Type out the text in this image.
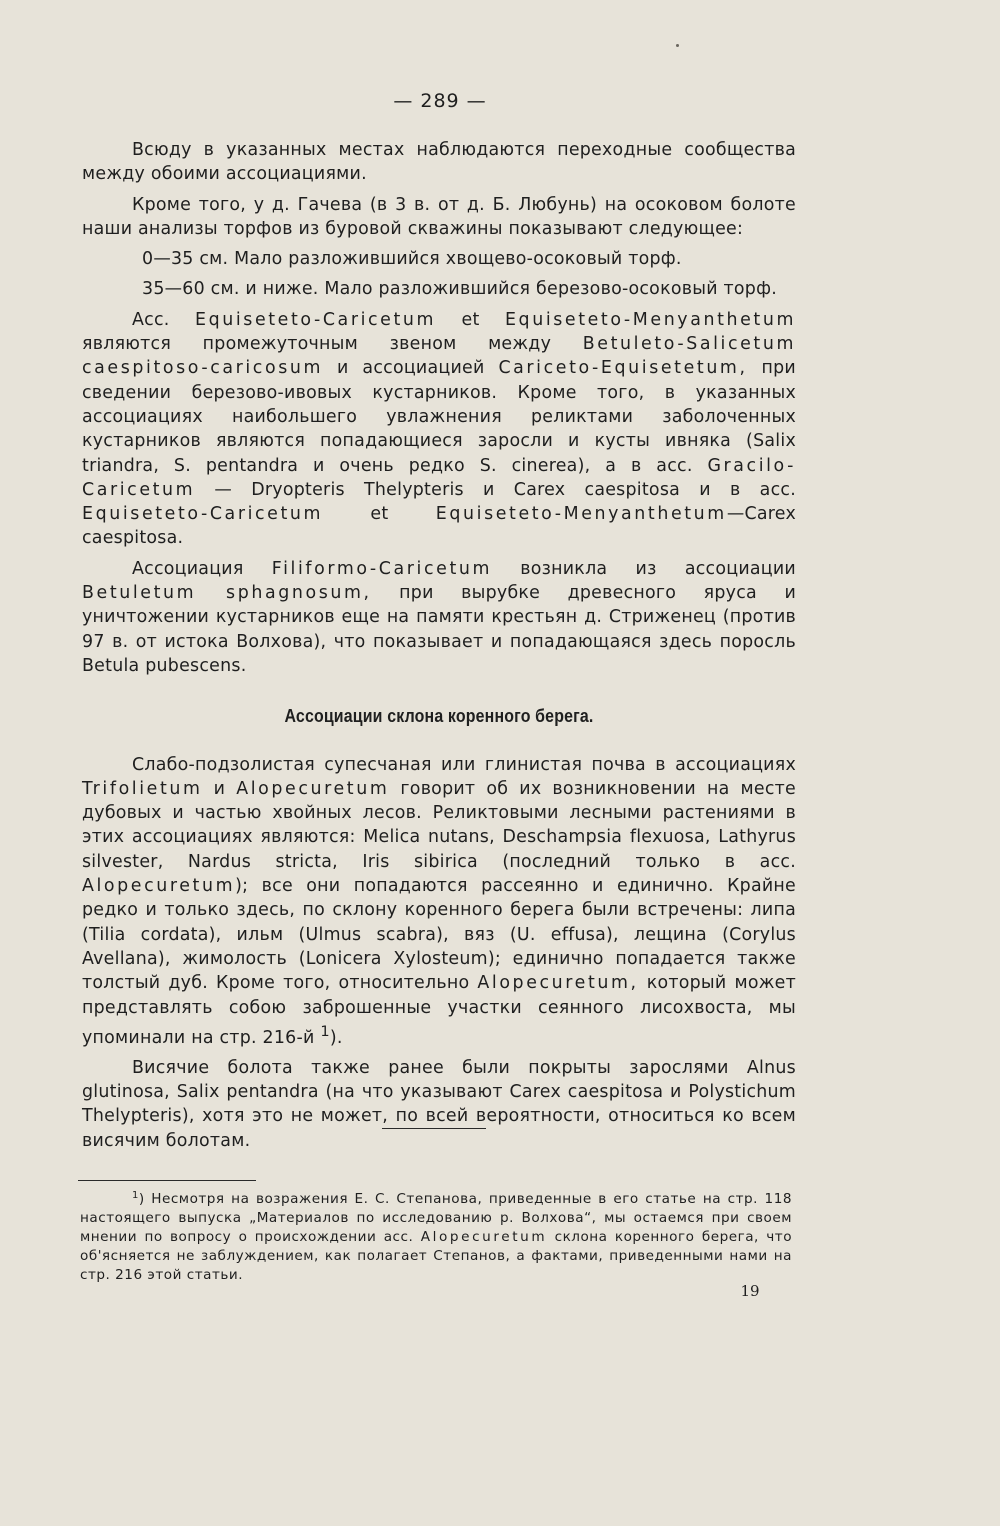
— 289 —

Всюду в указанных местах наблюдаются переходные сообщества между обоими ассоциациями.

Кроме того, у д. Гачева (в 3 в. от д. Б. Любунь) на осоковом болоте наши анализы торфов из буровой скважины показывают следующее:

0—35 см. Мало разложившийся хвощево-осоковый торф.

35—60 см. и ниже. Мало разложившийся березово-осоковый торф.

Асс. Equiseteto-Caricetum et Equiseteto-Menyanthetum являются промежуточным звеном между Betuleto-Salicetum caespitoso-caricosum и ассоциацией Cariceto-Equisetetum, при сведении березово-ивовых кустарников. Кроме того, в указанных ассоциациях наибольшего увлажнения реликтами заболоченных кустарников являются попадающиеся заросли и кусты ивняка (Salix triandra, S. pentandra и очень редко S. cinerea), а в асс. Gracilo-Caricetum — Dryopteris Thelypteris и Carex caespitosa и в асс. Equiseteto-Caricetum et Equiseteto-Menyanthetum—Carex caespitosa.

Ассоциация Filiformo-Caricetum возникла из ассоциации Betuletum sphagnosum, при вырубке древесного яруса и уничтожении кустарников еще на памяти крестьян д. Стриженец (против 97 в. от истока Волхова), что показывает и попадающаяся здесь поросль Betula pubescens.

Ассоциации склона коренного берега.

Слабо-подзолистая супесчаная или глинистая почва в ассоциациях Trifolietum и Alopecuretum говорит об их возникновении на месте дубовых и частью хвойных лесов. Реликтовыми лесными растениями в этих ассоциациях являются: Melica nutans, Deschampsia flexuosa, Lathyrus silvester, Nardus stricta, Iris sibirica (последний только в асс. Alopecuretum); все они попадаются рассеянно и единично. Крайне редко и только здесь, по склону коренного берега были встречены: липа (Tilia cordata), ильм (Ulmus scabra), вяз (U. effusa), лещина (Corylus Avellana), жимолость (Lonicera Xylosteum); единично попадается также толстый дуб. Кроме того, относительно Alopecuretum, который может представлять собою заброшенные участки сеянного лисохвоста, мы упоминали на стр. 216-й $^1$).

Висячие болота также ранее были покрыты зарослями Alnus glutinosa, Salix pentandra (на что указывают Carex caespitosa и Polystichum Thelypteris), хотя это не может, по всей вероятности, относиться ко всем висячим болотам.

$^1$) Несмотря на возражения Е. С. Степанова, приведенные в его статье на стр. 118 настоящего выпуска „Материалов по исследованию р. Волхова“, мы остаемся при своем мнении по вопросу о происхождении асс. Alopecuretum склона коренного берега, что об'ясняется не заблуждением, как полагает Степанов, а фактами, приведенными нами на стр. 216 этой статьи.

19
